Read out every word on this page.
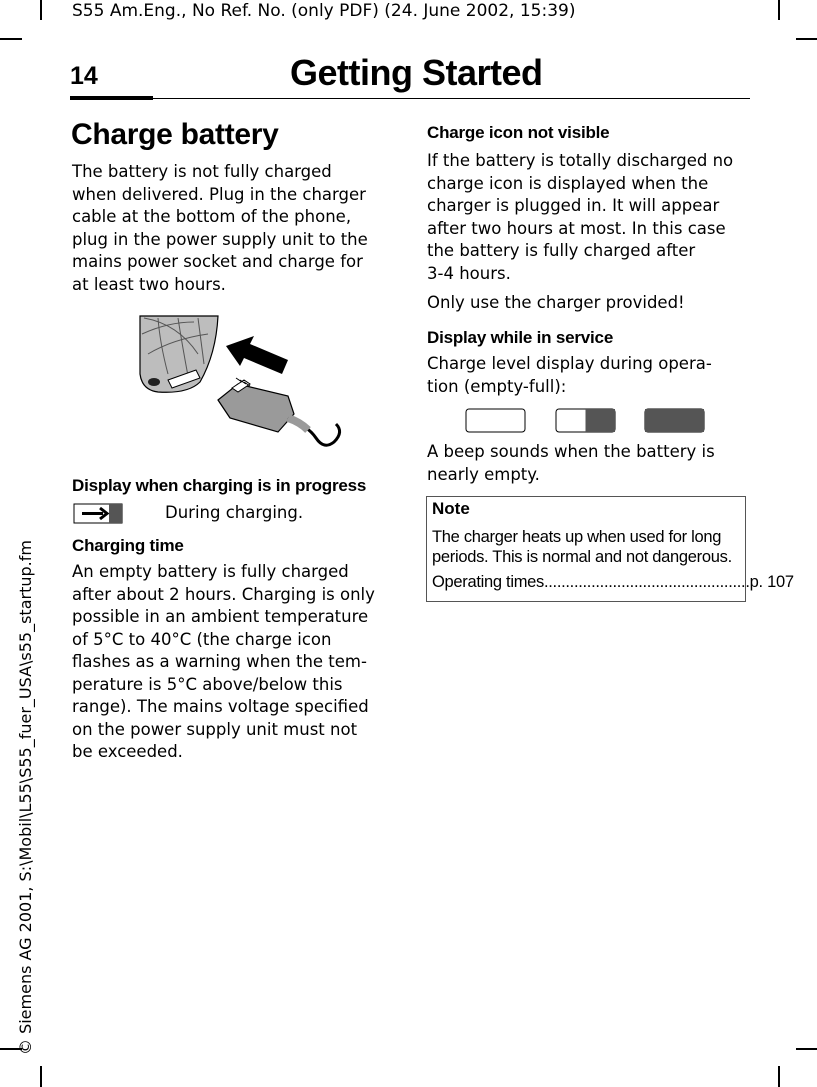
S55 Am.Eng., No Ref. No. (only PDF) (24. June 2002, 15:39)
14	Getting Started
© Siemens AG 2001, S:\Mobil\L55\S55_fuer_USA\s55_startup.fm
Charge battery

The battery is not fully charged

when delivered. Plug in the charger

cable at the bottom of the phone,

plug in the power supply unit to the

mains power socket and charge for

at least two hours.

Display when charging is in progress
During charging.
Charging time

An empty battery is fully charged

after about 2 hours. Charging is only

possible in an ambient temperature

of 5°C to 40°C (the charge icon

flashes as a warning when the tem-

perature is 5°C above/below this

range). The mains voltage specified

on the power supply unit must not

be exceeded.

Charge icon not visible

If the battery is totally discharged no

charge icon is displayed when the

charger is plugged in. It will appear

after two hours at most. In this case

the battery is fully charged after

3-4 hours.

Only use the charger provided!
Display while in service

Charge level display during opera-

tion (empty-full):

A beep sounds when the battery is

nearly empty.

Note
The charger heats up when used for long
periods. This is normal and not dangerous.
Operating times ................................................ p. 107
